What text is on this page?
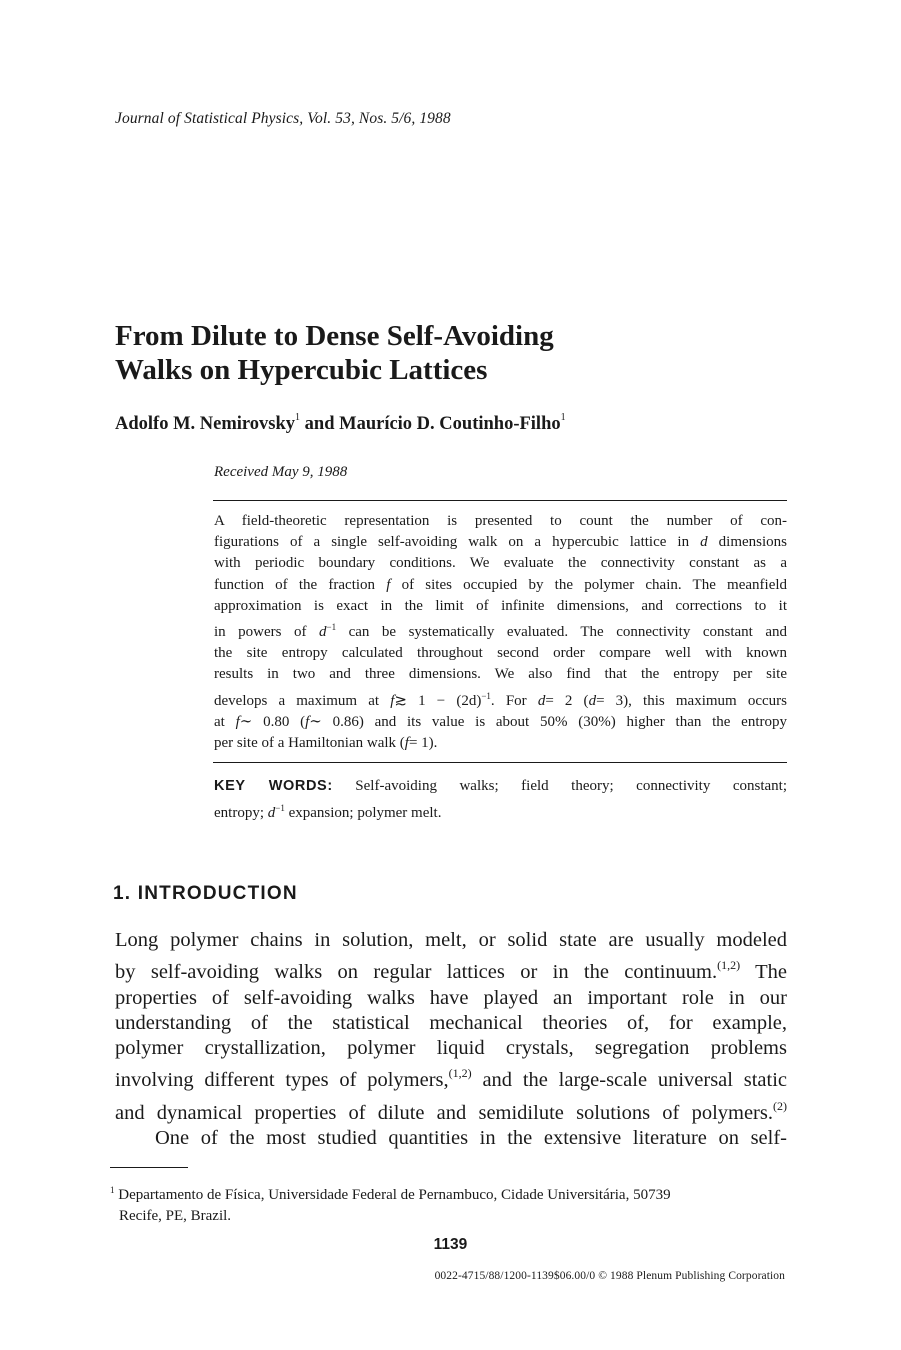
Journal of Statistical Physics, Vol. 53, Nos. 5/6, 1988
From Dilute to Dense Self-Avoiding
Walks on Hypercubic Lattices
Adolfo M. Nemirovsky$^1$ and Maurício D. Coutinho-Filho$^1$
Received May 9, 1988
A field-theoretic representation is presented to count the number of con-
figurations of a single self-avoiding walk on a hypercubic lattice in d dimensions
with periodic boundary conditions. We evaluate the connectivity constant as a
function of the fraction f of sites occupied by the polymer chain. The meanfield
approximation is exact in the limit of infinite dimensions, and corrections to it
in powers of $d^{-1}$ can be systematically evaluated. The connectivity constant and
the site entropy calculated throughout second order compare well with known
results in two and three dimensions. We also find that the entropy per site
develops a maximum at f≳ $1 - (2d)^{-1}$. For d= 2 (d= 3), this maximum occurs
at f∼ 0.80 (f∼ 0.86) and its value is about 50% (30%) higher than the entropy
per site of a Hamiltonian walk (f= 1).
KEY WORDS: Self-avoiding walks; field theory; connectivity constant;
entropy; $d^{-1}$ expansion; polymer melt.
1. INTRODUCTION
Long polymer chains in solution, melt, or solid state are usually modeled
by self-avoiding walks on regular lattices or in the continuum.$^{(1,2)}$ The
properties of self-avoiding walks have played an important role in our
understanding of the statistical mechanical theories of, for example,
polymer crystallization, polymer liquid crystals, segregation problems
involving different types of polymers,$^{(1,2)}$ and the large-scale universal static
and dynamical properties of dilute and semidilute solutions of polymers.$^{(2)}$
One of the most studied quantities in the extensive literature on self-
$^1$ Departamento de Física, Universidade Federal de Pernambuco, Cidade Universitária, 50739
Recife, PE, Brazil.
1139
0022-4715/88/1200-1139$06.00/0 © 1988 Plenum Publishing Corporation
